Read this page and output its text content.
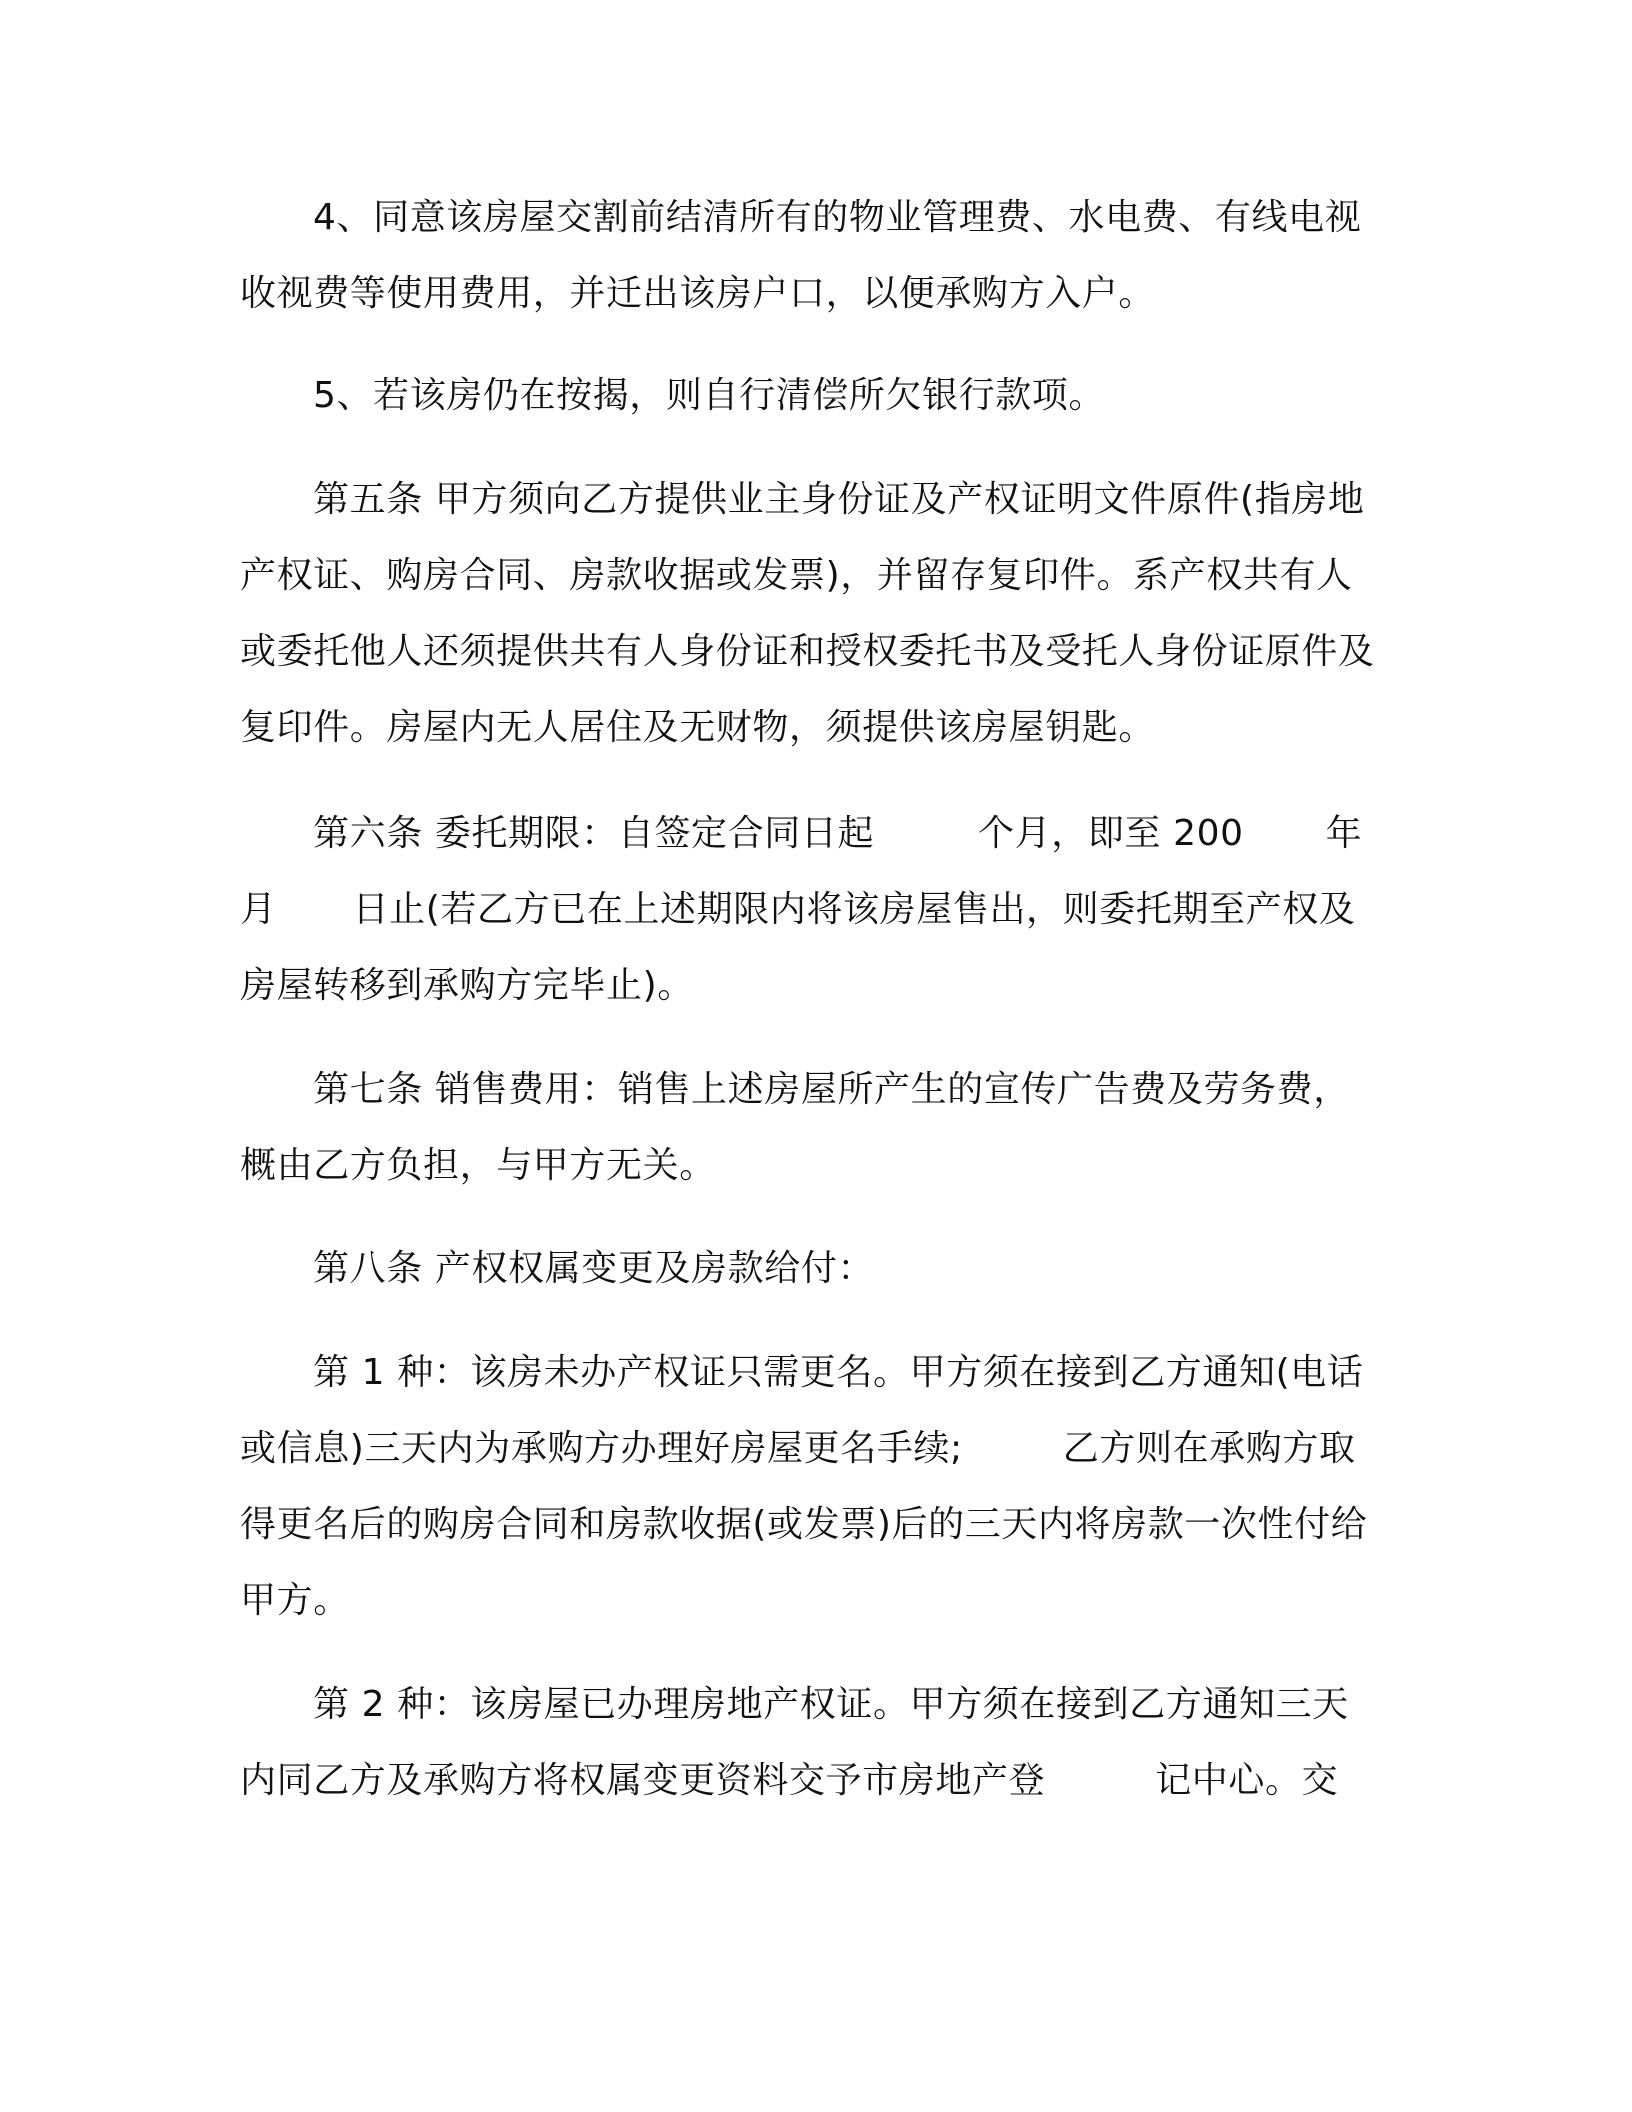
4、同意该房屋交割前结清所有的物业管理费、水电费、有线电视收视费等使用费用，并迁出该房户口，以便承购方入户。

5、若该房仍在按揭，则自行清偿所欠银行款项。

第五条 甲方须向乙方提供业主身份证及产权证明文件原件(指房地产权证、购房合同、房款收据或发票)，并留存复印件。系产权共有人或委托他人还须提供共有人身份证和授权委托书及受托人身份证原件及复印件。房屋内无人居住及无财物，须提供该房屋钥匙。

第六条 委托期限：自签定合同日起	个月，即至 200 年月 日止(若乙方已在上述期限内将该房屋售出，则委托期至产权及房屋转移到承购方完毕止)。

第七条 销售费用：销售上述房屋所产生的宣传广告费及劳务费，概由乙方负担，与甲方无关。

第八条 产权权属变更及房款给付：

第 1 种：该房未办产权证只需更名。甲方须在接到乙方通知(电话或信息)三天内为承购方办理好房屋更名手续;	乙方则在承购方取得更名后的购房合同和房款收据(或发票)后的三天内将房款一次性付给甲方。

第 2 种：该房屋已办理房地产权证。甲方须在接到乙方通知三天内同乙方及承购方将权属变更资料交予市房地产登	记中心。交
